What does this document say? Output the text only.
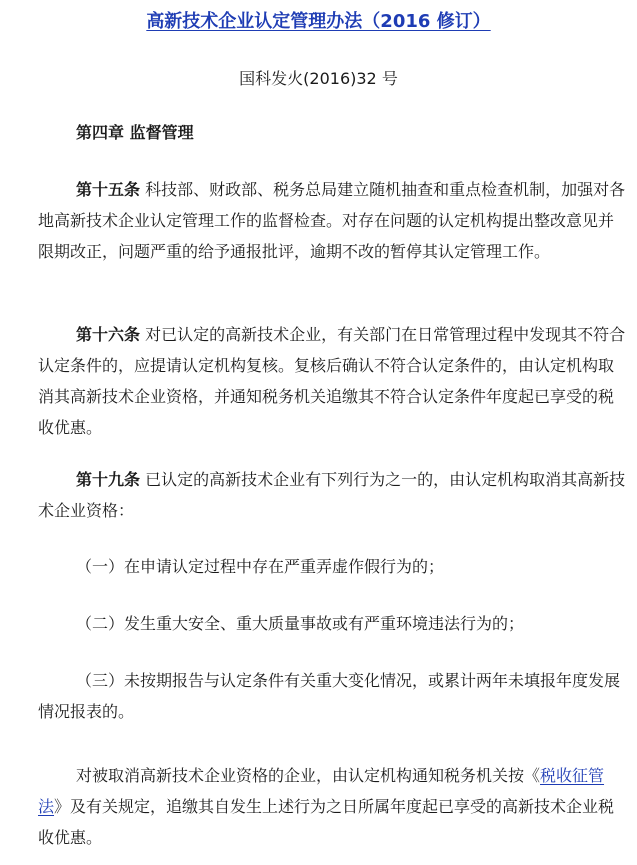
高新技术企业认定管理办法（2016 修订）

国科发火(2016)32 号

第四章 监督管理

第十五条 科技部、财政部、税务总局建立随机抽查和重点检查机制，加强对各地高新技术企业认定管理工作的监督检查。对存在问题的认定机构提出整改意见并限期改正，问题严重的给予通报批评，逾期不改的暂停其认定管理工作。

第十六条 对已认定的高新技术企业，有关部门在日常管理过程中发现其不符合认定条件的，应提请认定机构复核。复核后确认不符合认定条件的，由认定机构取消其高新技术企业资格，并通知税务机关追缴其不符合认定条件年度起已享受的税收优惠。

第十九条 已认定的高新技术企业有下列行为之一的，由认定机构取消其高新技术企业资格：

（一）在申请认定过程中存在严重弄虚作假行为的；

（二）发生重大安全、重大质量事故或有严重环境违法行为的；

（三）未按期报告与认定条件有关重大变化情况，或累计两年未填报年度发展情况报表的。

对被取消高新技术企业资格的企业，由认定机构通知税务机关按《税收征管法》及有关规定，追缴其自发生上述行为之日所属年度起已享受的高新技术企业税收优惠。
